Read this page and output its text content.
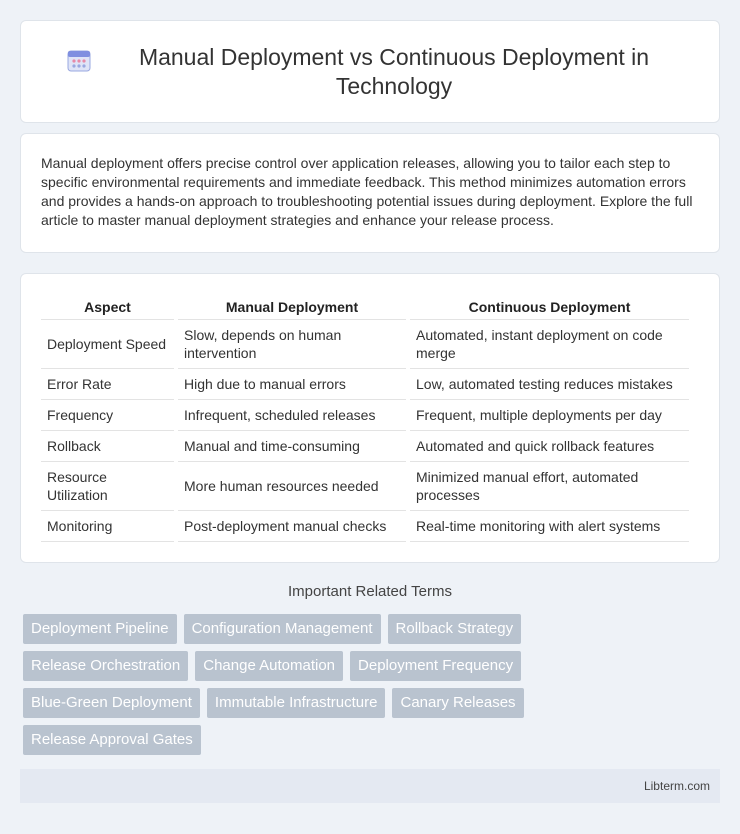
Manual Deployment vs Continuous Deployment in Technology

Manual deployment offers precise control over application releases, allowing you to tailor each step to specific environmental requirements and immediate feedback. This method minimizes automation errors and provides a hands-on approach to troubleshooting potential issues during deployment. Explore the full article to master manual deployment strategies and enhance your release process.

Aspect	Manual Deployment	Continuous Deployment
Deployment Speed	Slow, depends on human intervention	Automated, instant deployment on code merge
Error Rate	High due to manual errors	Low, automated testing reduces mistakes
Frequency	Infrequent, scheduled releases	Frequent, multiple deployments per day
Rollback	Manual and time-consuming	Automated and quick rollback features
Resource Utilization	More human resources needed	Minimized manual effort, automated processes
Monitoring	Post-deployment manual checks	Real-time monitoring with alert systems
Important Related Terms
Deployment Pipeline	Configuration Management	Rollback Strategy
Release Orchestration	Change Automation	Deployment Frequency
Blue-Green Deployment	Immutable Infrastructure	Canary Releases
Release Approval Gates
Libterm.com
